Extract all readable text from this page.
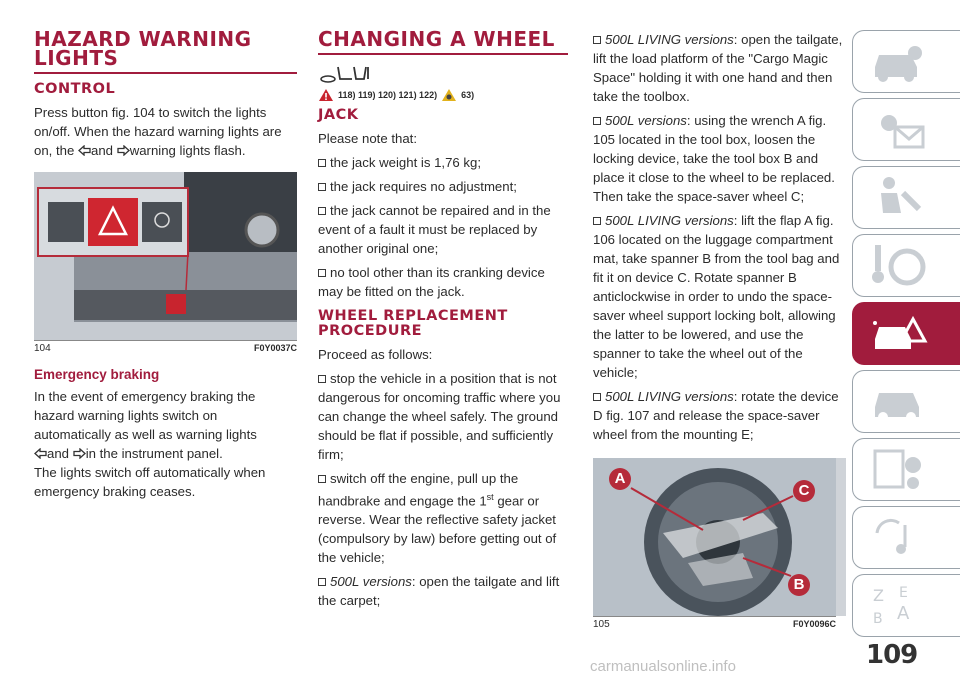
HAZARD WARNING LIGHTS
CONTROL

Press button fig. 104 to switch the lights on/off. When the hazard warning lights are on, the and warning lights flash.

104	F0Y0037C
Emergency braking

In the event of emergency braking the hazard warning lights switch on automatically as well as warning lights
and in the instrument panel.
The lights switch off automatically when emergency braking ceases.

CHANGING A WHEEL
118) 119) 120) 121) 122)	63)
JACK

Please note that:

the jack weight is 1,76 kg;

the jack requires no adjustment;

the jack cannot be repaired and in the event of a fault it must be replaced by another original one;

no tool other than its cranking device may be fitted on the jack.

WHEEL REPLACEMENT PROCEDURE

Proceed as follows:

stop the vehicle in a position that is not dangerous for oncoming traffic where you can change the wheel safely. The ground should be flat if possible, and sufficiently firm;

switch off the engine, pull up the handbrake and engage the 1st gear or reverse. Wear the reflective safety jacket (compulsory by law) before getting out of the vehicle;

500L versions: open the tailgate and lift the carpet;

500L LIVING versions: open the tailgate, lift the load platform of the "Cargo Magic Space" holding it with one hand and then take the toolbox.

500L versions: using the wrench A fig. 105 located in the tool box, loosen the locking device, take the tool box B and place it close to the wheel to be replaced. Then take the space-saver wheel C;

500L LIVING versions: lift the flap A fig. 106 located on the luggage compartment mat, take spanner B from the tool bag and fit it on device C. Rotate spanner B anticlockwise in order to undo the space-saver wheel support locking bolt, allowing the latter to be lowered, and use the spanner to take the wheel out of the vehicle;

500L LIVING versions: rotate the device D fig. 107 and release the space-saver wheel from the mounting E;

A
C
B
105	F0Y0096C
Z E
A
B
109
carmanualsonline.info
